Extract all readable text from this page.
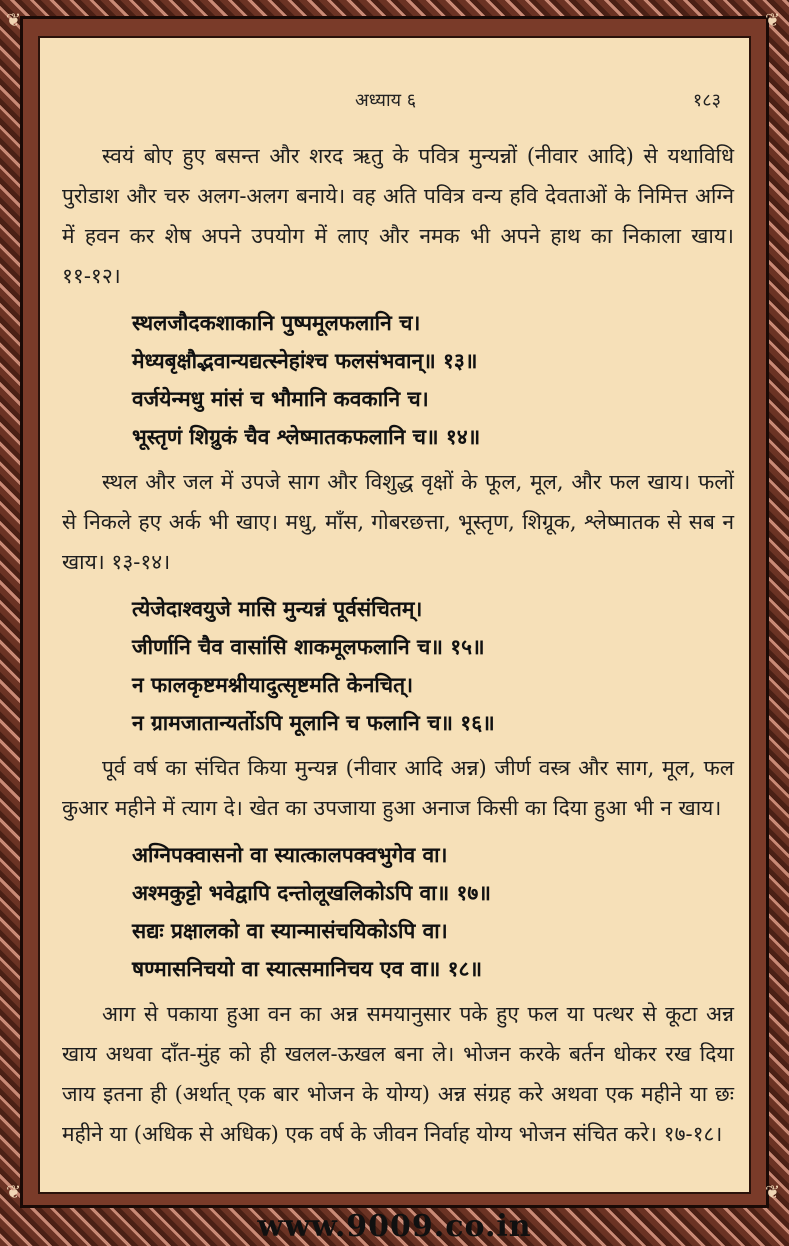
❦	❦
❦	❦
अध्याय ६	१८३

स्वयं बोए हुए बसन्त और शरद ऋतु के पवित्र मुन्यन्नों (नीवार आदि) से यथाविधि पुरोडाश और चरु अलग-अलग बनाये। वह अति पवित्र वन्य हवि देवताओं के निमित्त अग्नि में हवन कर शेष अपने उपयोग में लाए और नमक भी अपने हाथ का निकाला खाय। ११-१२।

स्थलजौदकशाकानि पुष्पमूलफलानि च।
मेध्यबृक्षौद्भवान्यद्यत्स्नेहांश्च फलसंभवान्॥ १३॥
वर्जयेन्मधु मांसं च भौमानि कवकानि च।
भूस्तृणं शिग्रुकं चैव श्लेष्मातकफलानि च॥ १४॥

स्थल और जल में उपजे साग और विशुद्ध वृक्षों के फूल, मूल, और फल खाय। फलों से निकले हए अर्क भी खाए। मधु, माँस, गोबरछत्ता, भूस्तृण, शिग्रूक, श्लेष्मातक से सब न खाय। १३-१४।

त्येजेदाश्वयुजे मासि मुन्यन्नं पूर्वसंचितम्।
जीर्णानि चैव वासांसि शाकमूलफलानि च॥ १५॥
न फालकृष्टमश्नीयादुत्सृष्टमति केनचित्।
न ग्रामजातान्यर्तोऽपि मूलानि च फलानि च॥ १६॥

पूर्व वर्ष का संचित किया मुन्यन्न (नीवार आदि अन्न) जीर्ण वस्त्र और साग, मूल, फल कुआर महीने में त्याग दे। खेत का उपजाया हुआ अनाज किसी का दिया हुआ भी न खाय।

अग्निपक्वासनो वा स्यात्कालपक्वभुगेव वा।
अश्मकुट्टो भवेद्वापि दन्तोलूखलिकोऽपि वा॥ १७॥
सद्यः प्रक्षालको वा स्यान्मासंचयिकोऽपि वा।
षण्मासनिचयो वा स्यात्समानिचय एव वा॥ १८॥

आग से पकाया हुआ वन का अन्न समयानुसार पके हुए फल या पत्थर से कूटा अन्न खाय अथवा दाँत-मुंह को ही खलल-ऊखल बना ले। भोजन करके बर्तन धोकर रख दिया जाय इतना ही (अर्थात् एक बार भोजन के योग्य) अन्न संग्रह करे अथवा एक महीने या छः महीने या (अधिक से अधिक) एक वर्ष के जीवन निर्वाह योग्य भोजन संचित करे। १७-१८।

www.9009.co.in
